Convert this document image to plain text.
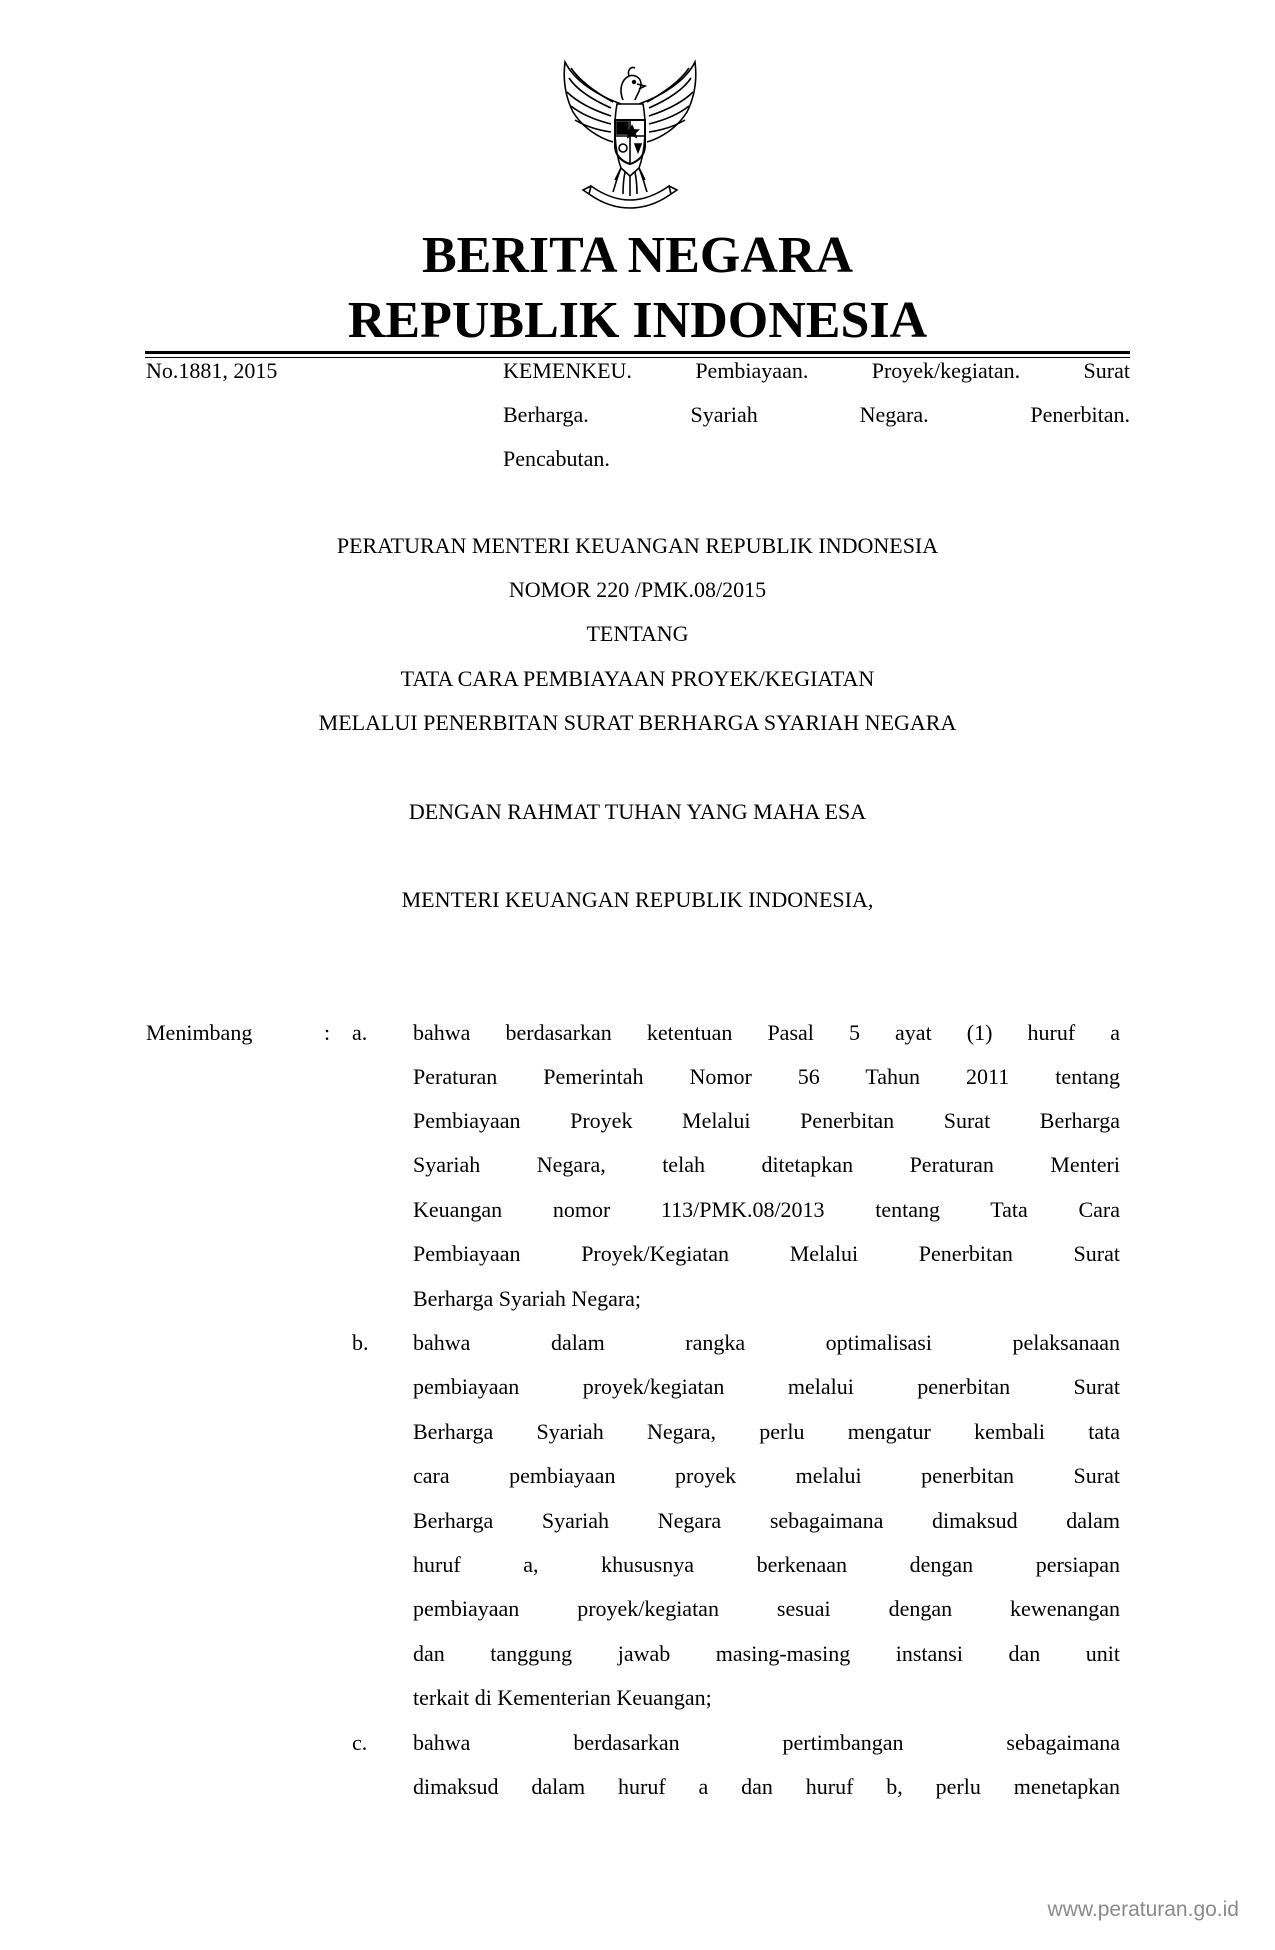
BERITA NEGARA
REPUBLIK INDONESIA
No.1881, 2015	KEMENKEU. Pembiayaan. Proyek/kegiatan. Surat
Berharga. Syariah Negara. Penerbitan.
Pencabutan.
PERATURAN MENTERI KEUANGAN REPUBLIK INDONESIA
NOMOR 220 /PMK.08/2015
TENTANG
TATA CARA PEMBIAYAAN PROYEK/KEGIATAN
MELALUI PENERBITAN SURAT BERHARGA SYARIAH NEGARA
DENGAN RAHMAT TUHAN YANG MAHA ESA
MENTERI KEUANGAN REPUBLIK INDONESIA,
Menimbang	: a.
b.
c.
bahwa berdasarkan ketentuan Pasal 5 ayat (1) huruf a
Peraturan Pemerintah Nomor 56 Tahun 2011 tentang
Pembiayaan Proyek Melalui Penerbitan Surat Berharga
Syariah Negara, telah ditetapkan Peraturan Menteri
Keuangan nomor 113/PMK.08/2013 tentang Tata Cara
Pembiayaan Proyek/Kegiatan Melalui Penerbitan Surat
Berharga Syariah Negara;
bahwa dalam rangka optimalisasi pelaksanaan
pembiayaan proyek/kegiatan melalui penerbitan Surat
Berharga Syariah Negara, perlu mengatur kembali tata
cara pembiayaan proyek melalui penerbitan Surat
Berharga Syariah Negara sebagaimana dimaksud dalam
huruf a, khususnya berkenaan dengan persiapan
pembiayaan proyek/kegiatan sesuai dengan kewenangan
dan tanggung jawab masing-masing instansi dan unit
terkait di Kementerian Keuangan;
bahwa berdasarkan pertimbangan sebagaimana
dimaksud dalam huruf a dan huruf b, perlu menetapkan
www.peraturan.go.id
